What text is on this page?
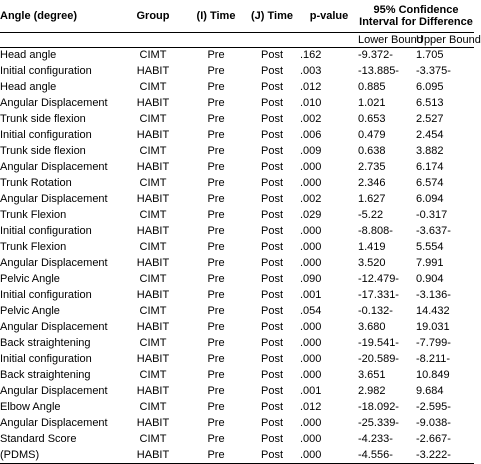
Angle (degree)	Group	(I) Time	(J) Time	p-value	95% Confidence Interval for Difference	

					Lower Bound	Upper Bound
Head angle	CIMT	Pre	Post	.162	-9.372-	1.705
Initial configuration	HABIT	Pre	Post	.003	-13.885-	-3.375-
Head angle	CIMT	Pre	Post	.012	0.885	6.095
Angular Displacement	HABIT	Pre	Post	.010	1.021	6.513
Trunk side flexion	CIMT	Pre	Post	.002	0.653	2.527
Initial configuration	HABIT	Pre	Post	.006	0.479	2.454
Trunk side flexion	CIMT	Pre	Post	.009	0.638	3.882
Angular Displacement	HABIT	Pre	Post	.000	2.735	6.174
Trunk Rotation	CIMT	Pre	Post	.000	2.346	6.574
Angular Displacement	HABIT	Pre	Post	.002	1.627	6.094
Trunk Flexion	CIMT	Pre	Post	.029	-5.22	-0.317
Initial configuration	HABIT	Pre	Post	.000	-8.808-	-3.637-
Trunk Flexion	CIMT	Pre	Post	.000	1.419	5.554
Angular Displacement	HABIT	Pre	Post	.000	3.520	7.991
Pelvic Angle	CIMT	Pre	Post	.090	-12.479-	0.904
Initial configuration	HABIT	Pre	Post	.001	-17.331-	-3.136-
Pelvic Angle	CIMT	Pre	Post	.054	-0.132-	14.432
Angular Displacement	HABIT	Pre	Post	.000	3.680	19.031
Back straightening	CIMT	Pre	Post	.000	-19.541-	-7.799-
Initial configuration	HABIT	Pre	Post	.000	-20.589-	-8.211-
Back straightening	CIMT	Pre	Post	.000	3.651	10.849
Angular Displacement	HABIT	Pre	Post	.001	2.982	9.684
Elbow Angle	CIMT	Pre	Post	.012	-18.092-	-2.595-
Angular Displacement	HABIT	Pre	Post	.000	-25.339-	-9.038-
Standard Score	CIMT	Pre	Post	.000	-4.233-	-2.667-
(PDMS)	HABIT	Pre	Post	.000	-4.556-	-3.222-
